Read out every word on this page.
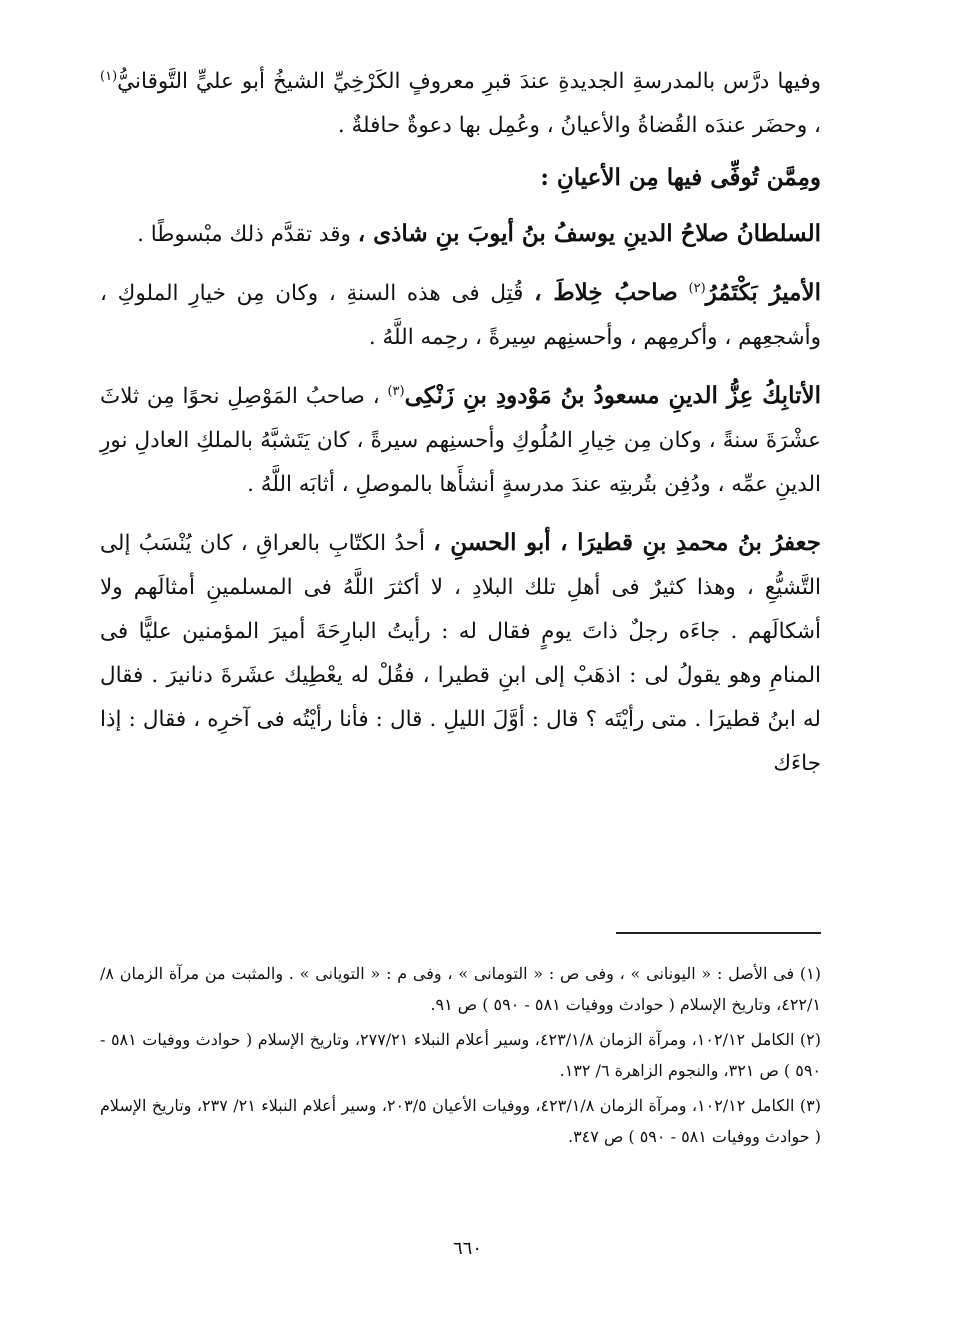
وفيها درَّس بالمدرسةِ الجديدةِ عندَ قبرِ معروفٍ الكَرْخِيِّ الشيخُ أبو عليٍّ التَّوقانيُّ$^{(١)}$ ، وحضَر عندَه القُضاةُ والأعيانُ ، وعُمِل بها دعوةٌ حافلةٌ .

ومِمَّن تُوفِّى فيها مِن الأعيانِ :

السلطانُ صلاحُ الدينِ يوسفُ بنُ أيوبَ بنِ شاذى ، وقد تقدَّم ذلك مبْسوطًا .

الأميرُ بَكْتَمُرُ$^{(٢)}$ صاحبُ خِلاطَ ، قُتِل فى هذه السنةِ ، وكان مِن خيارِ الملوكِ ، وأشجعِهم ، وأكرمِهم ، وأحسنِهم سِيرةً ، رحِمه اللَّهُ .

الأتابِكُ عِزُّ الدينِ مسعودُ بنُ مَوْدودِ بنِ زَنْكِى$^{(٣)}$ ، صاحبُ المَوْصِلِ نحوًا مِن ثلاثَ عشْرَةَ سنةً ، وكان مِن خِيارِ المُلُوكِ وأحسنِهم سيرةً ، كان يَتَشبَّهُ بالملكِ العادلِ نورِ الدينِ عمِّه ، ودُفِن بتُربتِه عندَ مدرسةٍ أنشأَها بالموصلِ ، أثابَه اللَّهُ .

جعفرُ بنُ محمدِ بنِ قطيرَا ، أبو الحسنِ ، أحدُ الكتّابِ بالعراقِ ، كان يُنْسَبُ إلى التَّشيُّعِ ، وهذا كثيرٌ فى أهلِ تلك البلادِ ، لا أكثرَ اللَّهُ فى المسلمينِ أمثالَهم ولا أشكالَهم . جاءَه رجلٌ ذاتَ يومٍ فقال له : رأيتُ البارِحَةَ أميرَ المؤمنين عليًّا فى المنامِ وهو يقولُ لى : اذهَبْ إلى ابنِ قطيرا ، فقُلْ له يعْطِيك عشَرةَ دنانيرَ . فقال له ابنُ قطيرَا . متى رأيْتَه ؟ قال : أوَّلَ الليلِ . قال : فأنا رأيْتُه فى آخرِه ، فقال : إذا جاءَك

(١) فى الأصل : « اليونانى » ، وفى ص : « التومانى » ، وفى م : « التويانى » . والمثبت من مرآة الزمان ٨/ ٤٢٢/١، وتاريخ الإسلام ( حوادث ووفيات ٥٨١ - ٥٩٠ ) ص ٩١.

(٢) الكامل ١٠٢/١٢، ومرآة الزمان ٤٢٣/١/٨، وسير أعلام النبلاء ٢٧٧/٢١، وتاريخ الإسلام ( حوادث ووفيات ٥٨١ - ٥٩٠ ) ص ٣٢١، والنجوم الزاهرة ٦/ ١٣٢.

(٣) الكامل ١٠٢/١٢، ومرآة الزمان ٤٢٣/١/٨، ووفيات الأعيان ٢٠٣/٥، وسير أعلام النبلاء ٢١/ ٢٣٧، وتاريخ الإسلام ( حوادث ووفيات ٥٨١ - ٥٩٠ ) ص ٣٤٧.

٦٦٠
